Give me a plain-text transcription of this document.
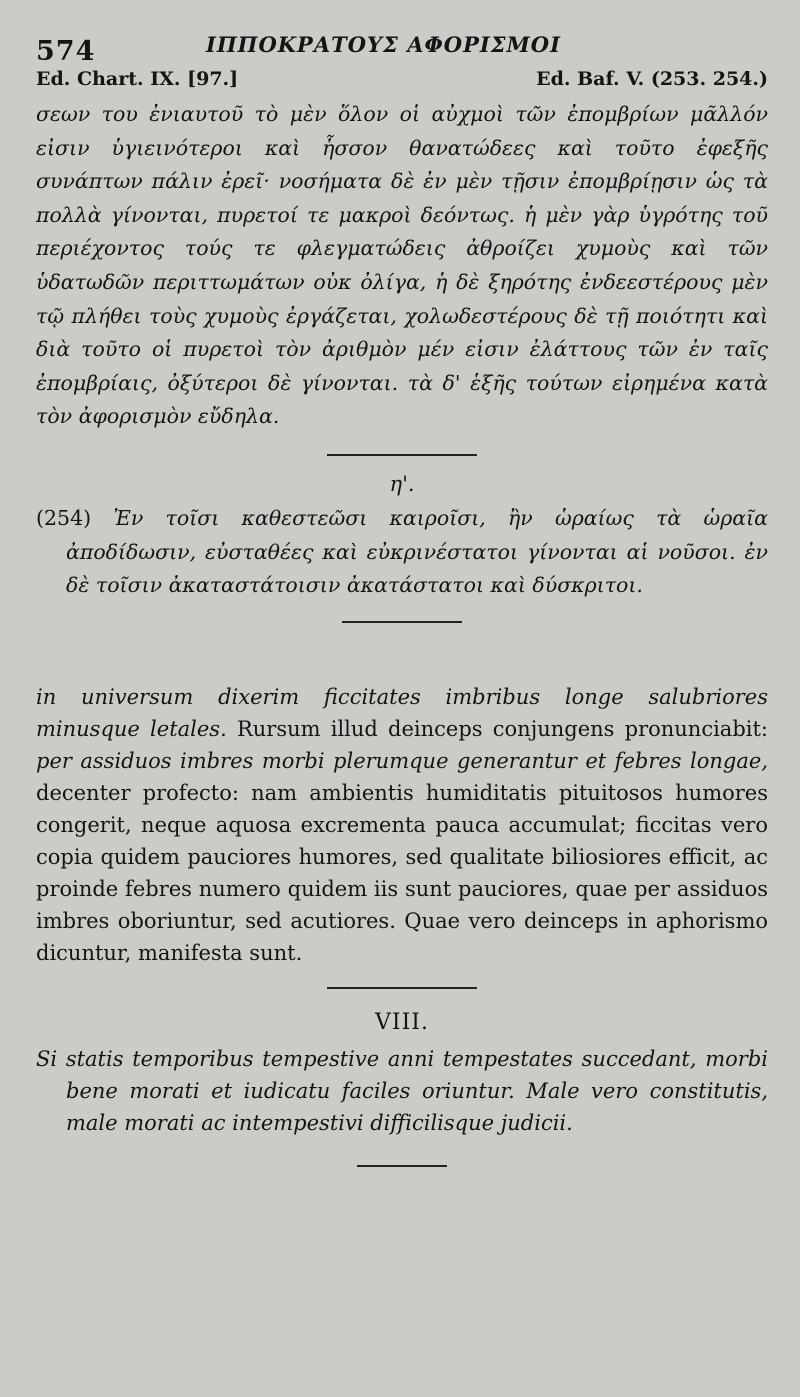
574	ΙΠΠΟΚΡΑΤΟΥΣ ΑΦΟΡΙΣΜΟΙ
Ed. Chart. IX. [97.]	Ed. Baf. V. (253. 254.)

σεων του ἐνιαυτοῦ τὸ μὲν ὅλον οἱ αὐχμοὶ τῶν ἐπομβρίων μᾶλλόν εἰσιν ὑγιεινότεροι καὶ ἧσσον θανατώδεες καὶ τοῦτο ἐφεξῆς συνάπτων πάλιν ἐρεῖ· νοσήματα δὲ ἐν μὲν τῇσιν ἐπομβρίῃσιν ὡς τὰ πολλὰ γίνονται, πυρετοί τε μακροὶ δεόντως. ἡ μὲν γὰρ ὑγρότης τοῦ περιέχοντος τούς τε φλεγματώδεις ἀθροίζει χυμοὺς καὶ τῶν ὑδατωδῶν περιττωμάτων οὐκ ὀλίγα, ἡ δὲ ξηρότης ἐνδεεστέρους μὲν τῷ πλήθει τοὺς χυμοὺς ἐργάζεται, χολωδεστέρους δὲ τῇ ποιότητι καὶ διὰ τοῦτο οἱ πυρετοὶ τὸν ἀριθμὸν μέν εἰσιν ἐλάττους τῶν ἐν ταῖς ἐπομβρίαις, ὀξύτεροι δὲ γίνονται. τὰ δ' ἑξῆς τούτων εἰρημένα κατὰ τὸν ἀφορισμὸν εὔδηλα.

η'.

(254) Ἐν τοῖσι καθεστεῶσι καιροῖσι, ἢν ὡραίως τὰ ὡραῖα ἀποδίδωσιν, εὐσταθέες καὶ εὐκρινέστατοι γίνονται αἱ νοῦσοι. ἐν δὲ τοῖσιν ἀκαταστάτοισιν ἀκατάστατοι καὶ δύσκριτοι.

in universum dixerim ficcitates imbribus longe salubriores minusque letales. Rursum illud deinceps conjungens pronunciabit: per assiduos imbres morbi plerumque generantur et febres longae, decenter profecto: nam ambientis humiditatis pituitosos humores congerit, neque aquosa excrementa pauca accumulat; ficcitas vero copia quidem pauciores humores, sed qualitate biliosiores efficit, ac proinde febres numero quidem iis sunt pauciores, quae per assiduos imbres oboriuntur, sed acutiores. Quae vero deinceps in aphorismo dicuntur, manifesta sunt.

VIII.

Si statis temporibus tempestive anni tempestates succedant, morbi bene morati et iudicatu faciles oriuntur. Male vero constitutis, male morati ac intempestivi difficilisque judicii.
